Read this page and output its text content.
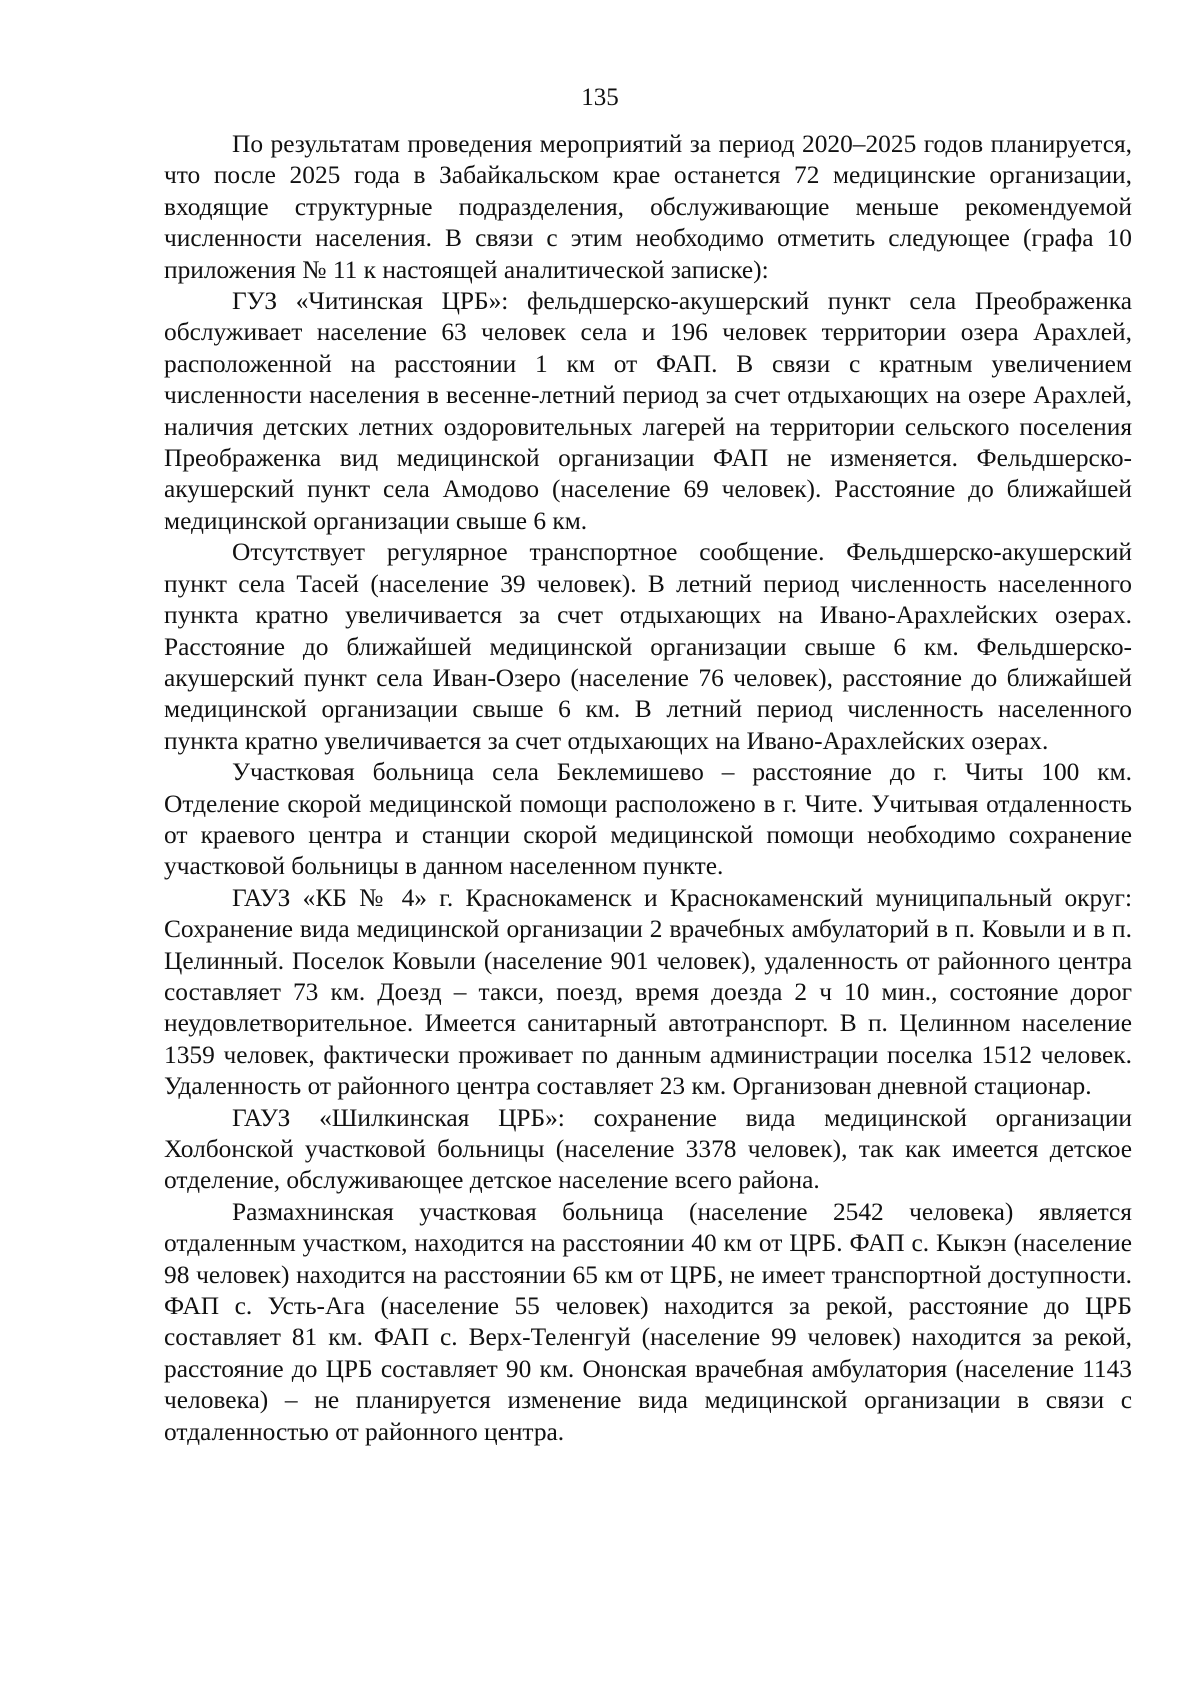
135

По результатам проведения мероприятий за период 2020–2025 годов планируется, что после 2025 года в Забайкальском крае останется 72 медицинские организации, входящие структурные подразделения, обслуживающие меньше рекомендуемой численности населения. В связи с этим необходимо отметить следующее (графа 10 приложения № 11 к настоящей аналитической записке):

ГУЗ «Читинская ЦРБ»: фельдшерско-акушерский пункт села Преображенка обслуживает население 63 человек села и 196 человек территории озера Арахлей, расположенной на расстоянии 1 км от ФАП. В связи с кратным увеличением численности населения в весенне-летний период за счет отдыхающих на озере Арахлей, наличия детских летних оздоровительных лагерей на территории сельского поселения Преображенка вид медицинской организации ФАП не изменяется. Фельдшерско-акушерский пункт села Амодово (население 69 человек). Расстояние до ближайшей медицинской организации свыше 6 км.

Отсутствует регулярное транспортное сообщение. Фельдшерско-акушерский пункт села Тасей (население 39 человек). В летний период численность населенного пункта кратно увеличивается за счет отдыхающих на Ивано-Арахлейских озерах. Расстояние до ближайшей медицинской организации свыше 6 км. Фельдшерско-акушерский пункт села Иван-Озеро (население 76 человек), расстояние до ближайшей медицинской организации свыше 6 км. В летний период численность населенного пункта кратно увеличивается за счет отдыхающих на Ивано-Арахлейских озерах.

Участковая больница села Беклемишево – расстояние до г. Читы 100 км. Отделение скорой медицинской помощи расположено в г. Чите. Учитывая отдаленность от краевого центра и станции скорой медицинской помощи необходимо сохранение участковой больницы в данном населенном пункте.

ГАУЗ «КБ № 4» г. Краснокаменск и Краснокаменский муниципальный округ: Сохранение вида медицинской организации 2 врачебных амбулаторий в п. Ковыли и в п. Целинный. Поселок Ковыли (население 901 человек), удаленность от районного центра составляет 73 км. Доезд – такси, поезд, время доезда 2 ч 10 мин., состояние дорог неудовлетворительное. Имеется санитарный автотранспорт. В п. Целинном население 1359 человек, фактически проживает по данным администрации поселка 1512 человек. Удаленность от районного центра составляет 23 км. Организован дневной стационар.

ГАУЗ «Шилкинская ЦРБ»: сохранение вида медицинской организации Холбонской участковой больницы (население 3378 человек), так как имеется детское отделение, обслуживающее детское население всего района.

Размахнинская участковая больница (население 2542 человека) является отдаленным участком, находится на расстоянии 40 км от ЦРБ. ФАП с. Кыкэн (население 98 человек) находится на расстоянии 65 км от ЦРБ, не имеет транспортной доступности. ФАП с. Усть-Ага (население 55 человек) находится за рекой, расстояние до ЦРБ составляет 81 км. ФАП с. Верх-Теленгуй (население 99 человек) находится за рекой, расстояние до ЦРБ составляет 90 км. Ононская врачебная амбулатория (население 1143 человека) – не планируется изменение вида медицинской организации в связи с отдаленностью от районного центра.
